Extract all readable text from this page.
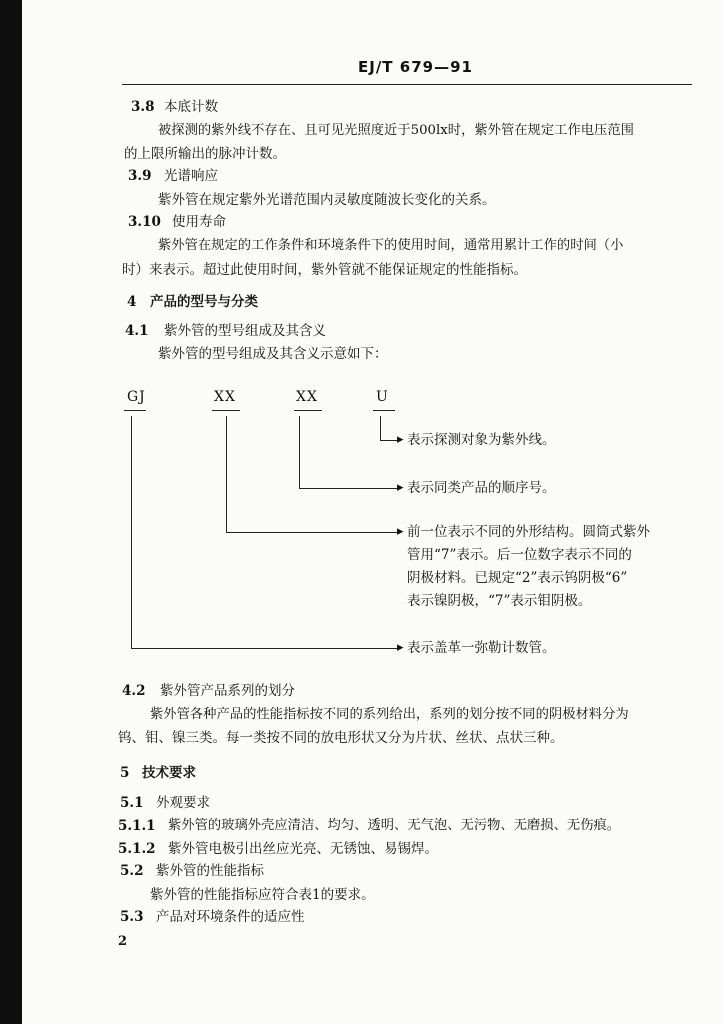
EJ/T 679—91
3.8 本底计数
被探测的紫外线不存在、且可见光照度近于500lx时，紫外管在规定工作电压范围
的上限所输出的脉冲计数。
3.9 光谱响应
紫外管在规定紫外光谱范围内灵敏度随波长变化的关系。
3.10 使用寿命
紫外管在规定的工作条件和环境条件下的使用时间，通常用累计工作的时间（小
时）来表示。超过此使用时间，紫外管就不能保证规定的性能指标。
4 产品的型号与分类
4.1 紫外管的型号组成及其含义
紫外管的型号组成及其含义示意如下：
GJ	XX	XX	U
▸ 表示探测对象为紫外线。
▸ 表示同类产品的顺序号。
▸ 前一位表示不同的外形结构。圆筒式紫外
管用“7”表示。后一位数字表示不同的
阴极材料。已规定“2”表示钨阴极“6”
表示镍阴极，“7”表示钼阴极。
▸ 表示盖革一弥勒计数管。
4.2 紫外管产品系列的划分
紫外管各种产品的性能指标按不同的系列给出，系列的划分按不同的阴极材料分为
钨、钼、镍三类。每一类按不同的放电形状又分为片状、丝状、点状三种。
5 技术要求
5.1 外观要求
5.1.1 紫外管的玻璃外壳应清洁、均匀、透明、无气泡、无污物、无磨损、无伤痕。
5.1.2 紫外管电极引出丝应光亮、无锈蚀、易锡焊。
5.2 紫外管的性能指标
紫外管的性能指标应符合表1的要求。
5.3 产品对环境条件的适应性
2
